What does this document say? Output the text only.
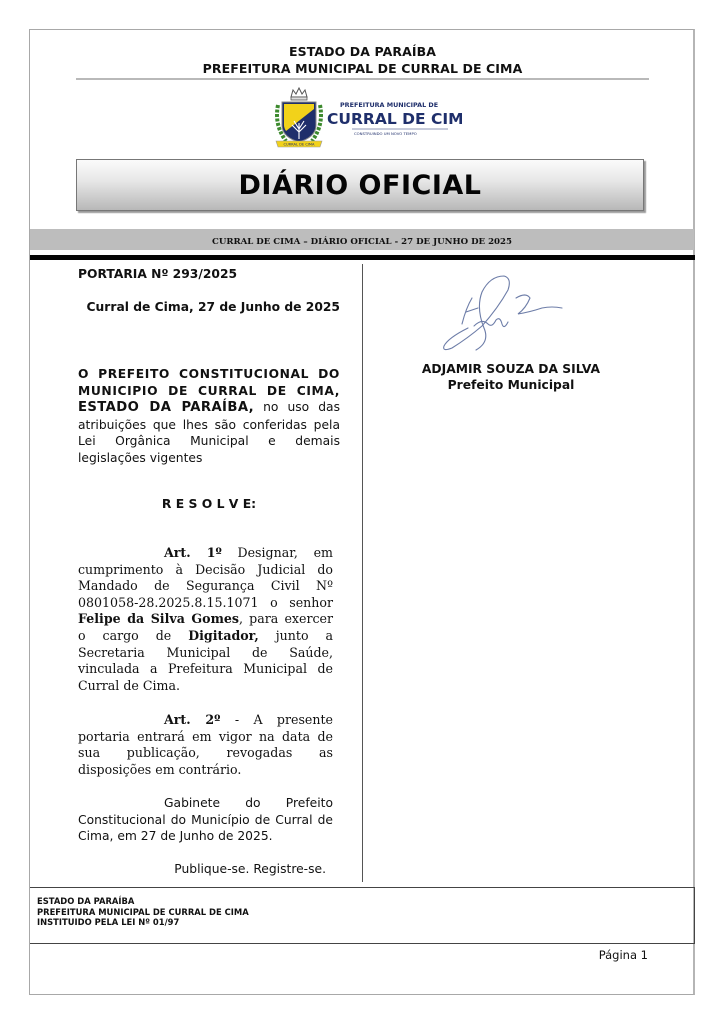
ESTADO DA PARAÍBA
PREFEITURA MUNICIPAL DE CURRAL DE CIMA
CURRAL DE CIMA
PREFEITURA MUNICIPAL DE
CURRAL DE CIMA
CONSTRUINDO UM NOVO TEMPO
DIÁRIO OFICIAL
CURRAL DE CIMA – DIÁRIO OFICIAL - 27 DE JUNHO DE 2025
PORTARIA Nº 293/2025
Curral de Cima, 27 de Junho de 2025
O PREFEITO CONSTITUCIONAL DO MUNICIPIO DE CURRAL DE CIMA, ESTADO DA PARAÍBA, no uso das atribuições que lhes são conferidas pela Lei Orgânica Municipal e demais legislações vigentes
R E S O L V E:
Art. 1º Designar, em cumprimento à Decisão Judicial do Mandado de Segurança Civil Nº 0801058-28.2025.8.15.1071 o senhor Felipe da Silva Gomes, para exercer o cargo de Digitador, junto a Secretaria Municipal de Saúde, vinculada a Prefeitura Municipal de Curral de Cima.
Art. 2º - A presente portaria entrará em vigor na data de sua publicação, revogadas as disposições em contrário.
Gabinete do Prefeito Constitucional do Município de Curral de Cima, em 27 de Junho de 2025.
Publique-se. Registre-se.
ADJAMIR SOUZA DA SILVA
Prefeito Municipal
ESTADO DA PARAÍBA
PREFEITURA MUNICIPAL DE CURRAL DE CIMA
INSTITUIDO PELA LEI Nº 01/97
Página 1
